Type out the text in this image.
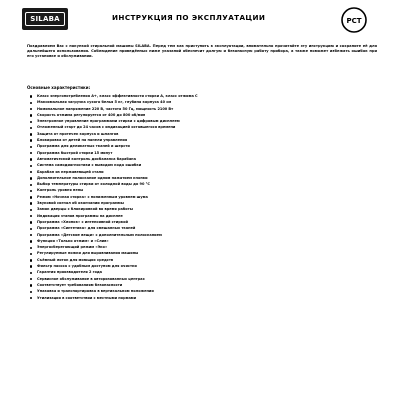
SILABA	ИНСТРУКЦИЯ ПО ЭКСПЛУАТАЦИИ	PCT

Поздравляем Вас с покупкой стиральной машины SILABA. Перед тем как приступить к эксплуатации, внимательно прочитайте эту инструкцию и сохраните её для дальнейшего использования. Соблюдение приведённых ниже указаний обеспечит долгую и безопасную работу прибора, а также поможет избежать ошибок при его установке и обслуживании.

Основные характеристики:
Класс энергопотребления A+, класс эффективности стирки A, класс отжима C
Максимальная загрузка сухого белья 5 кг, глубина корпуса 40 см
Номинальное напряжение 220 В, частота 50 Гц, мощность 2100 Вт
Скорость отжима регулируется от 400 до 800 об/мин
Электронное управление программами стирки с цифровым дисплеем
Отложенный старт до 24 часов с индикацией оставшегося времени
Защита от протечек корпуса и шлангов
Блокировка от детей на панели управления
Программа для деликатных тканей и шерсти
Программа быстрой стирки 15 минут
Автоматический контроль дисбаланса барабана
Система самодиагностики с выводом кода ошибки
Барабан из нержавеющей стали
Дополнительное полоскание одним нажатием кнопки
Выбор температуры стирки от холодной воды до 90 °C
Контроль уровня пены
Режим «Ночная стирка» с пониженным уровнем шума
Звуковой сигнал об окончании программы
Замок дверцы с блокировкой во время работы
Индикация этапов программы на дисплее
Программа «Хлопок» с интенсивной стиркой
Программа «Синтетика» для смешанных тканей
Программа «Детские вещи» с дополнительным полосканием
Функция «Только отжим» и «Слив»
Энергосберегающий режим «Эко»
Регулируемые ножки для выравнивания машины
Съёмный лоток для моющих средств
Фильтр насоса с удобным доступом для очистки
Гарантия производителя 2 года
Сервисное обслуживание в авторизованных центрах
Соответствует требованиям безопасности
Упаковка и транспортировка в вертикальном положении
Утилизация в соответствии с местными нормами
